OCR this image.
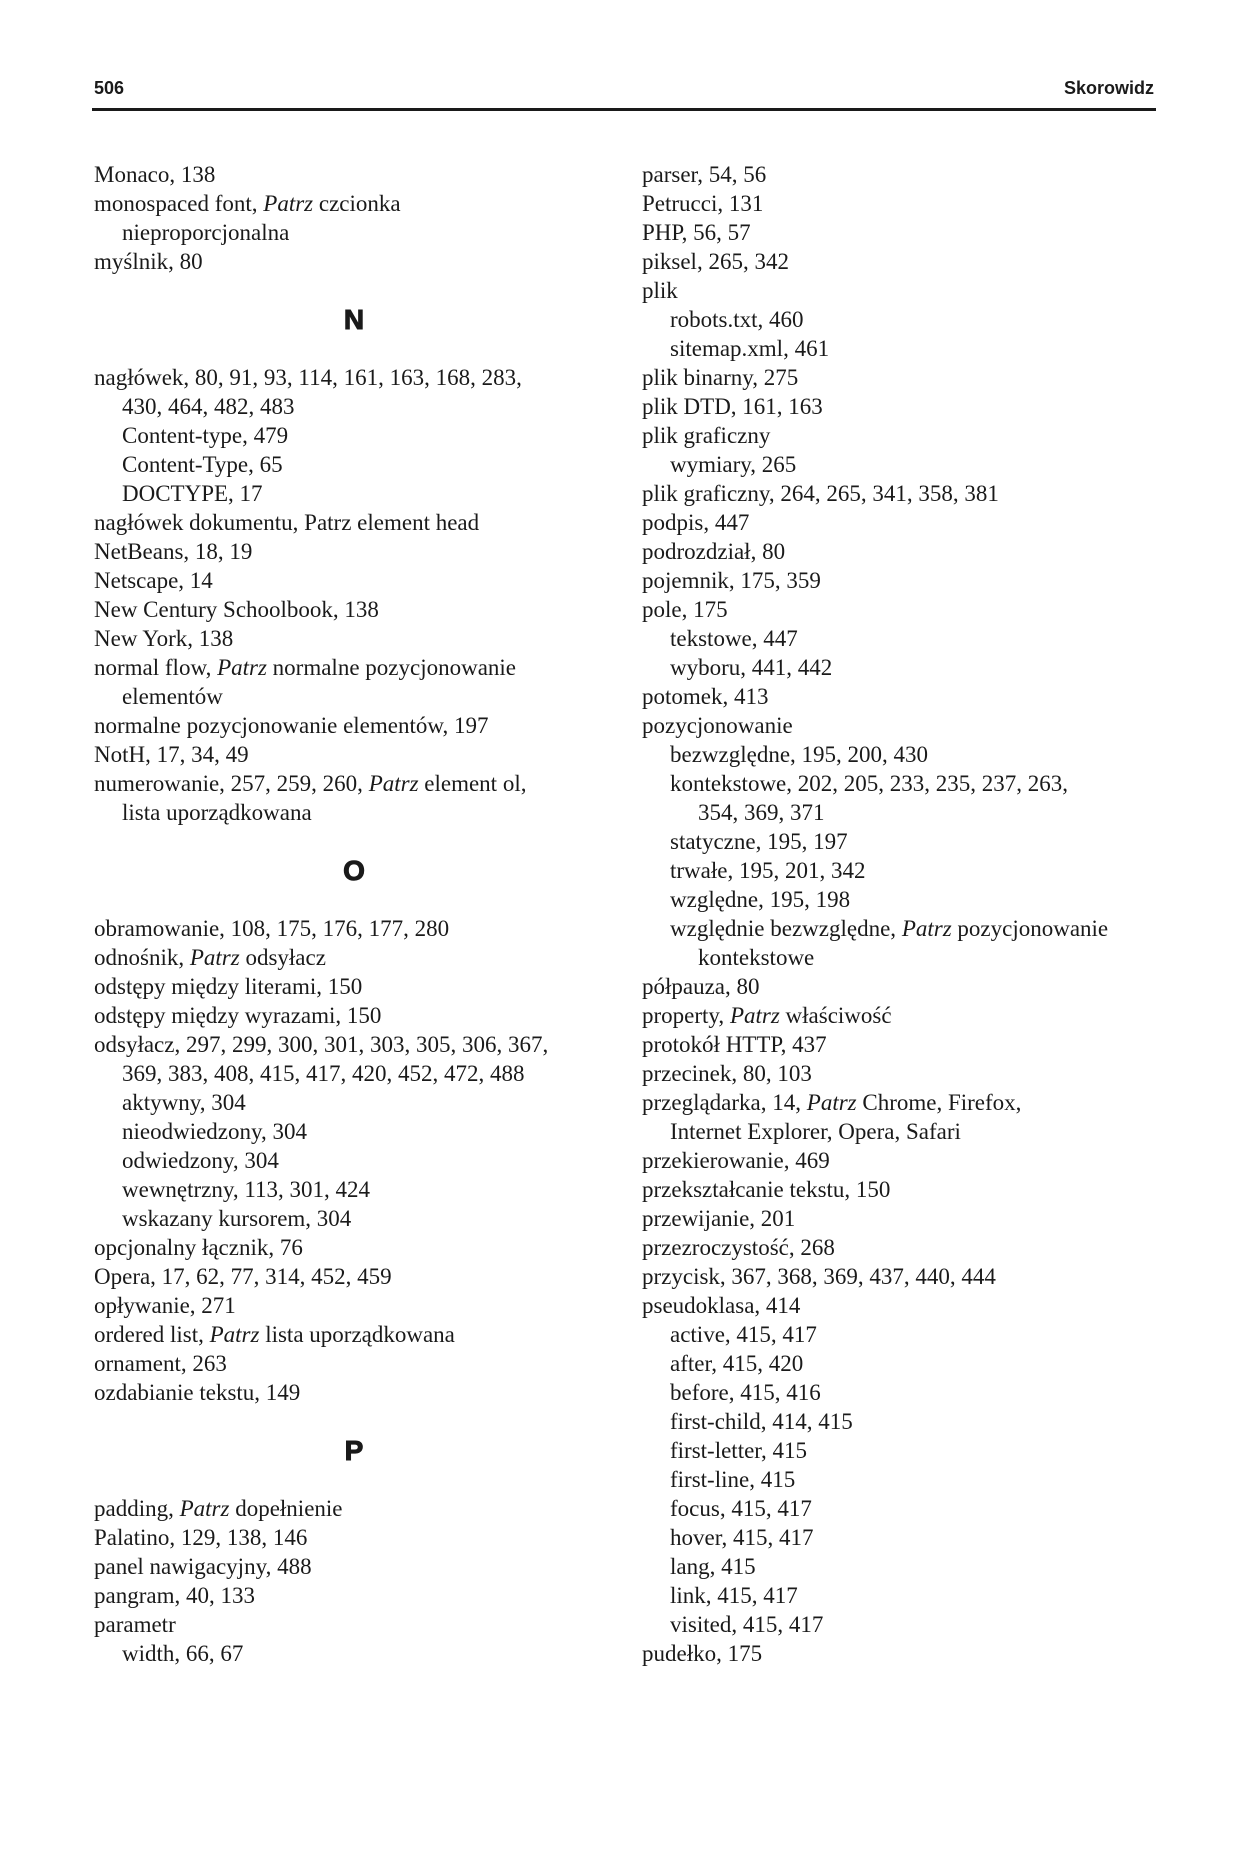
506	Skorowidz
Monaco, 138
monospaced font, Patrz czcionka
nieproporcjonalna
myślnik, 80
N
nagłówek, 80, 91, 93, 114, 161, 163, 168, 283,
430, 464, 482, 483
Content-type, 479
Content-Type, 65
DOCTYPE, 17
nagłówek dokumentu, Patrz element head
NetBeans, 18, 19
Netscape, 14
New Century Schoolbook, 138
New York, 138
normal flow, Patrz normalne pozycjonowanie
elementów
normalne pozycjonowanie elementów, 197
NotH, 17, 34, 49
numerowanie, 257, 259, 260, Patrz element ol,
lista uporządkowana
O
obramowanie, 108, 175, 176, 177, 280
odnośnik, Patrz odsyłacz
odstępy między literami, 150
odstępy między wyrazami, 150
odsyłacz, 297, 299, 300, 301, 303, 305, 306, 367,
369, 383, 408, 415, 417, 420, 452, 472, 488
aktywny, 304
nieodwiedzony, 304
odwiedzony, 304
wewnętrzny, 113, 301, 424
wskazany kursorem, 304
opcjonalny łącznik, 76
Opera, 17, 62, 77, 314, 452, 459
opływanie, 271
ordered list, Patrz lista uporządkowana
ornament, 263
ozdabianie tekstu, 149
P
padding, Patrz dopełnienie
Palatino, 129, 138, 146
panel nawigacyjny, 488
pangram, 40, 133
parametr
width, 66, 67
parser, 54, 56
Petrucci, 131
PHP, 56, 57
piksel, 265, 342
plik
robots.txt, 460
sitemap.xml, 461
plik binarny, 275
plik DTD, 161, 163
plik graficzny
wymiary, 265
plik graficzny, 264, 265, 341, 358, 381
podpis, 447
podrozdział, 80
pojemnik, 175, 359
pole, 175
tekstowe, 447
wyboru, 441, 442
potomek, 413
pozycjonowanie
bezwzględne, 195, 200, 430
kontekstowe, 202, 205, 233, 235, 237, 263,
354, 369, 371
statyczne, 195, 197
trwałe, 195, 201, 342
względne, 195, 198
względnie bezwzględne, Patrz pozycjonowanie
kontekstowe
półpauza, 80
property, Patrz właściwość
protokół HTTP, 437
przecinek, 80, 103
przeglądarka, 14, Patrz Chrome, Firefox,
Internet Explorer, Opera, Safari
przekierowanie, 469
przekształcanie tekstu, 150
przewijanie, 201
przezroczystość, 268
przycisk, 367, 368, 369, 437, 440, 444
pseudoklasa, 414
active, 415, 417
after, 415, 420
before, 415, 416
first-child, 414, 415
first-letter, 415
first-line, 415
focus, 415, 417
hover, 415, 417
lang, 415
link, 415, 417
visited, 415, 417
pudełko, 175
